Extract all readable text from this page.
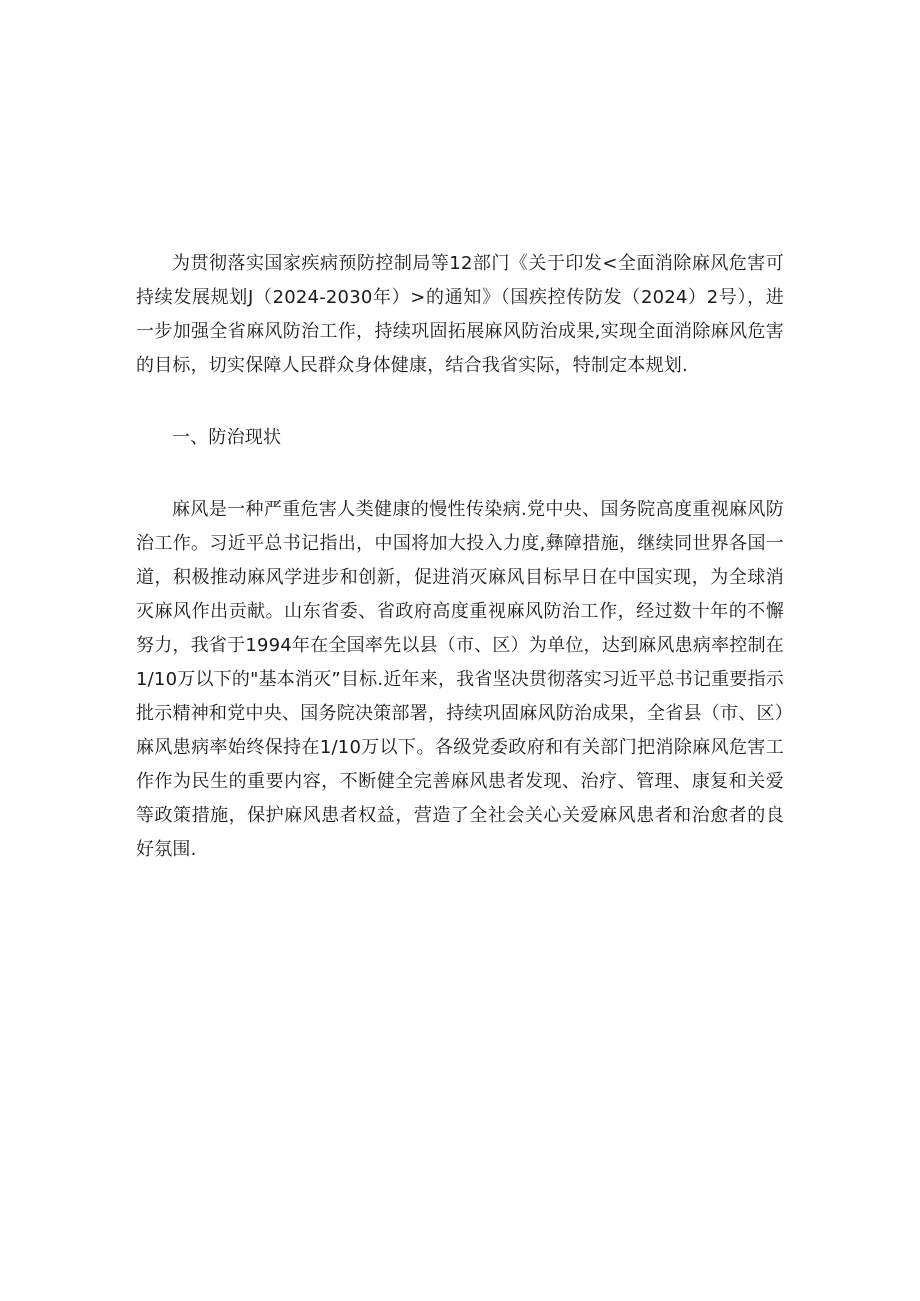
为贯彻落实国家疾病预防控制局等12部门《关于印发<全面消除麻风危害可持续发展规划J（2024-2030年）>的通知》（国疾控传防发（2024）2号），进一步加强全省麻风防治工作，持续巩固拓展麻风防治成果,实现全面消除麻风危害的目标，切实保障人民群众身体健康，结合我省实际，特制定本规划.

一、防治现状

麻风是一种严重危害人类健康的慢性传染病.党中央、国务院高度重视麻风防治工作。习近平总书记指出，中国将加大投入力度,彝障措施，继续同世界各国一道，积极推动麻风学进步和创新，促进消灭麻风目标早日在中国实现，为全球消灭麻风作出贡献。山东省委、省政府高度重视麻风防治工作，经过数十年的不懈努力，我省于1994年在全国率先以县（市、区）为单位，达到麻风患病率控制在1/10万以下的"基本消灭”目标.近年来，我省坚决贯彻落实习近平总书记重要指示批示精神和党中央、国务院决策部署，持续巩固麻风防治成果，全省县（市、区）麻风患病率始终保持在1/10万以下。各级党委政府和有关部门把消除麻风危害工作作为民生的重要内容，不断健全完善麻风患者发现、治疗、管理、康复和关爱等政策措施，保护麻风患者权益，营造了全社会关心关爱麻风患者和治愈者的良好氛围.
